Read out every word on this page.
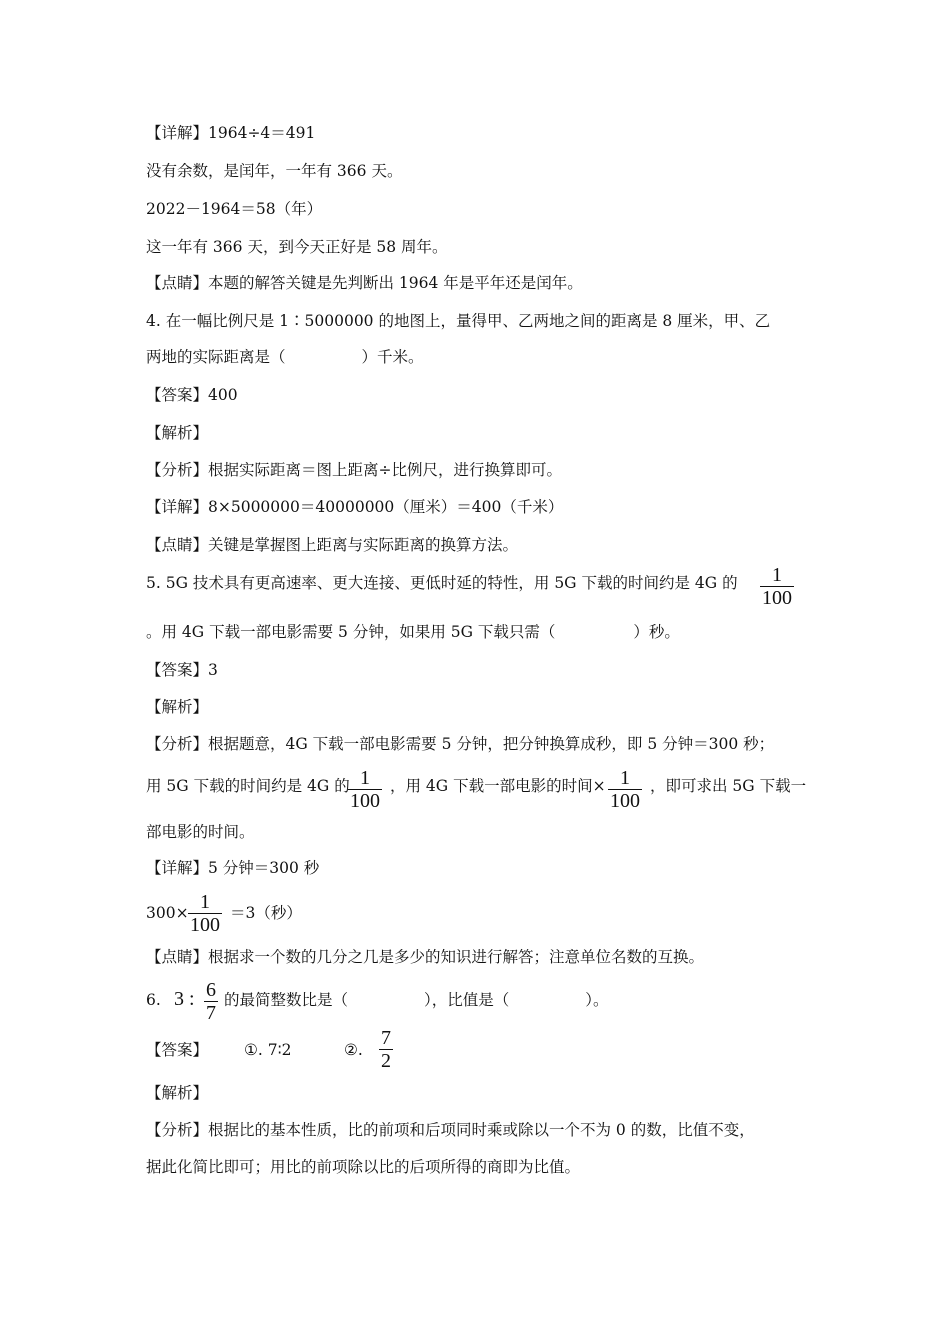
【详解】1964÷4＝491
没有余数，是闰年，一年有 366 天。
2022－1964＝58（年）
这一年有 366 天，到今天正好是 58 周年。
【点睛】本题的解答关键是先判断出 1964 年是平年还是闰年。
4. 在一幅比例尺是 1∶5000000 的地图上，量得甲、乙两地之间的距离是 8 厘米，甲、乙
两地的实际距离是（	）千米。
【答案】400
【解析】
【分析】根据实际距离＝图上距离÷比例尺，进行换算即可。
【详解】8×5000000＝40000000（厘米）＝400（千米）
【点睛】关键是掌握图上距离与实际距离的换算方法。
5. 5G 技术具有更高速率、更大连接、更低时延的特性，用 5G 下载的时间约是 4G 的 $\frac{1}{100}$
。用 4G 下载一部电影需要 5 分钟，如果用 5G 下载只需（	）秒。
【答案】3
【解析】
【分析】根据题意，4G 下载一部电影需要 5 分钟，把分钟换算成秒，即 5 分钟＝300 秒；
用 5G 下载的时间约是 4G 的
$\frac{1}{100}$ ，用 4G 下载一部电影的时间× $\frac{1}{100}$ ，即可求出 5G 下载一
部电影的时间。
【详解】5 分钟＝300 秒
$300\times \frac{1}{100} =3$（秒）
【点睛】根据求一个数的几分之几是多少的知识进行解答；注意单位名数的互换。
6. 3 : $\frac{6}{7}$ 的最简整数比是（	），比值是（	）。
【答案】 ①. 7∶2	②. $\frac{7}{2}$
【解析】
【分析】根据比的基本性质，比的前项和后项同时乘或除以一个不为 0 的数，比值不变，
据此化简比即可；用比的前项除以比的后项所得的商即为比值。
